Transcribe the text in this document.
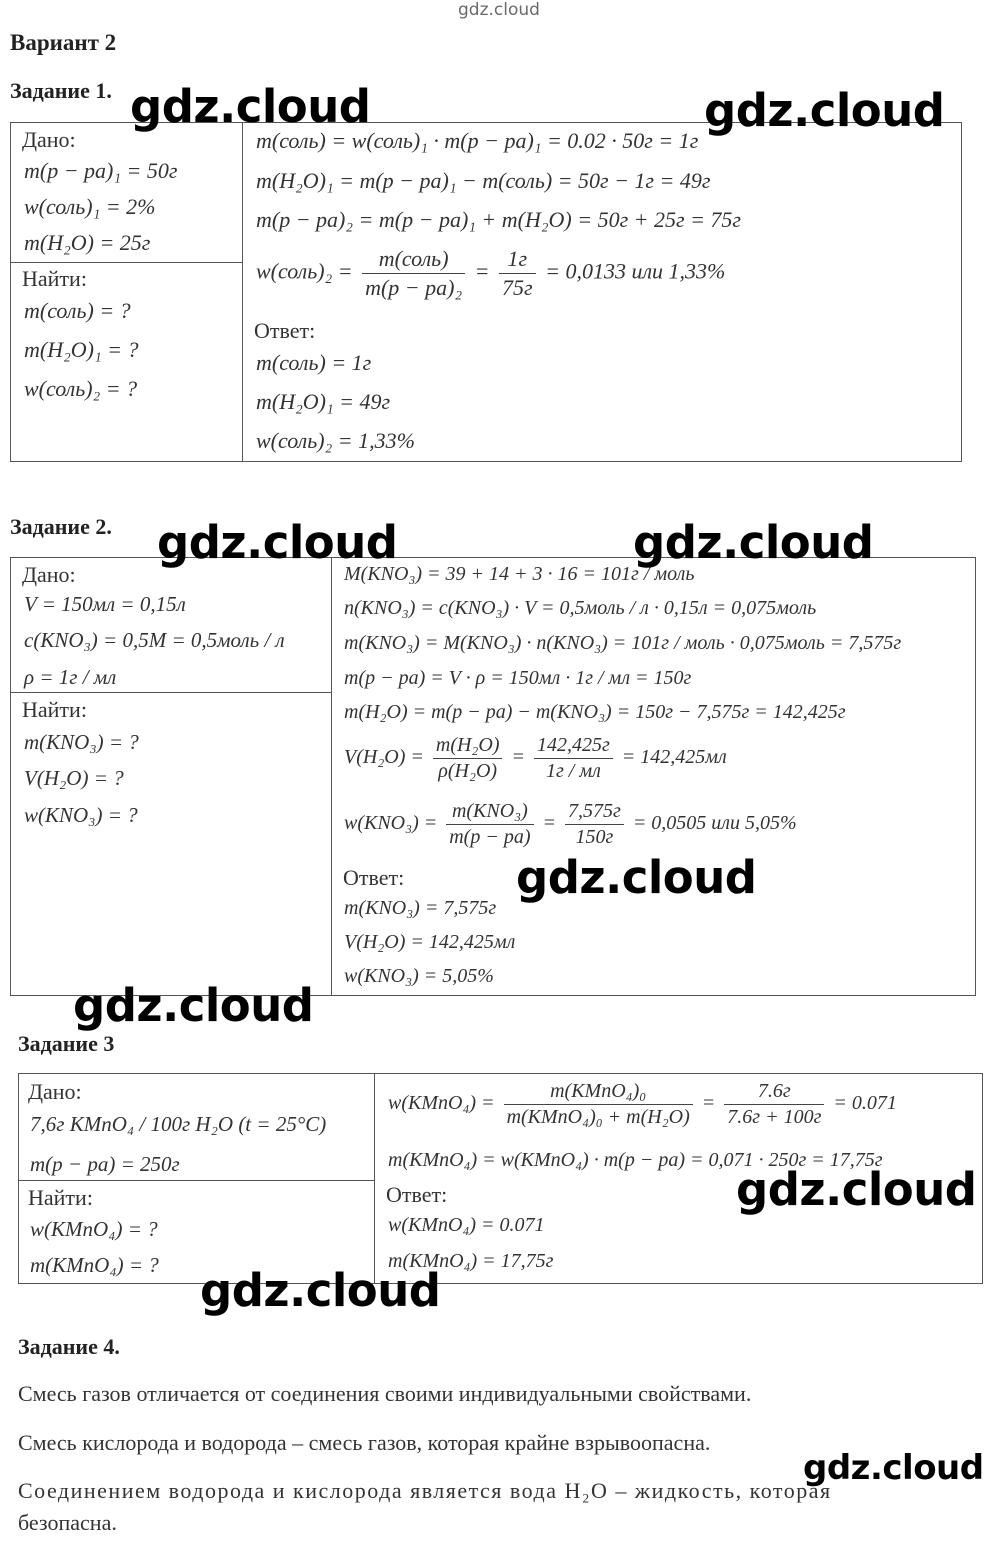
gdz.cloud
Вариант 2
Задание 1.
Дано:
m(p − pa)₁ = 50г
w(соль)₁ = 2%
m(H₂O) = 25г
Найти:
m(соль) = ?
m(H₂O)₁ = ?
w(соль)₂ = ?
m(соль) = w(соль)₁ · m(p − pa)₁ = 0.02 · 50г = 1г
m(H₂O)₁ = m(p − pa)₁ − m(соль) = 50г − 1г = 49г
m(p − pa)₂ = m(p − pa)₁ + m(H₂O) = 50г + 25г = 75г
w(соль)₂ = $\frac{\text{m(соль)}}{\text{m(p − pa)₂}} = \frac{1г}{75г} = 0,0133$ или 1,33%
Ответ:
m(соль) = 1г
m(H₂O)₁ = 49г
w(соль)₂ = 1,33%
Задание 2.
Дано:
V = 150мл = 0,15л
c(KNO₃) = 0,5M = 0,5моль / л
ρ = 1г / мл
Найти:
m(KNO₃) = ?
V(H₂O) = ?
w(KNO₃) = ?
M(KNO₃) = 39 + 14 + 3 · 16 = 101г / моль
n(KNO₃) = c(KNO₃) · V = 0,5моль / л · 0,15л = 0,075моль
m(KNO₃) = M(KNO₃) · n(KNO₃) = 101г / моль · 0,075моль = 7,575г
m(p − pa) = V · ρ = 150мл · 1г / мл = 150г
m(H₂O) = m(p − pa) − m(KNO₃) = 150г − 7,575г = 142,425г
$V(H_2O) = \frac{\text{m(H₂O)}}{\text{ρ(H₂O)}} = \frac{142,425г}{1г / мл} = 142,425мл$
$w(KNO_3) = \frac{\text{m(KNO₃)}}{m(p - pa)} = \frac{7,575г}{150г} = 0,0505$ или 5,05%
Ответ:
m(KNO₃) = 7,575г
V(H₂O) = 142,425мл
w(KNO₃) = 5,05%
Задание 3
Дано:
7,6г KMnO₄ / 100г H₂O (t = 25°C)
m(p − pa) = 250г
Найти:
w(KMnO₄) = ?
m(KMnO₄) = ?
w(KMnO₄) = $\frac{\text{m(KMnO₄)₀}}{\text{m(KMnO₄)₀ + m(H₂O)}} = \frac{7.6г}{7.6г + 100г} = 0.071$
m(KMnO₄) = w(KMnO₄) · m(p − pa) = 0,071 · 250г = 17,75г
Ответ:
w(KMnO₄) = 0.071
m(KMnO₄) = 17,75г
Задание 4.
Смесь газов отличается от соединения своими индивидуальными свойствами.
Смесь кислорода и водорода – смесь газов, которая крайне взрывоопасна.
Соединением водорода и кислорода является вода H₂O – жидкость, которая
безопасна.
gdz.cloud	gdz.cloud
gdz.cloud	gdz.cloud
gdz.cloud
gdz.cloud
gdz.cloud
gdz.cloud
gdz.cloud
